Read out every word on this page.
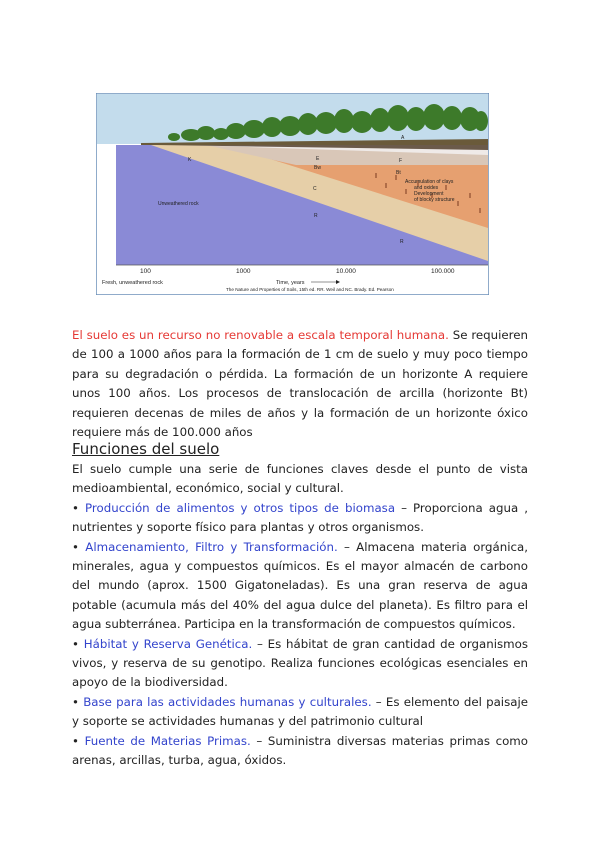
A
E	F
Bw
Bt
C
R
R
K
Unweathered rock
Accumulation of clays
and oxides
Development
of blocky structure
100	1000	10.000	100.000
Fresh, unweathered rock	Time, years
The Nature and Properties of Soils, 15th ed. RR. Weil and NC. Brady. Ed. Pearson
El suelo es un recurso no renovable a escala temporal humana. Se requieren de 100 a 1000 años para la formación de 1 cm de suelo y muy poco tiempo para su degradación o pérdida. La formación de un horizonte A requiere unos 100 años. Los procesos de translocación de arcilla (horizonte Bt) requieren decenas de miles de años y la formación de un horizonte óxico requiere más de 100.000 años
Funciones del suelo
El suelo cumple una serie de funciones claves desde el punto de vista medioambiental, económico, social y cultural.
• Producción de alimentos y otros tipos de biomasa – Proporciona agua , nutrientes y soporte físico para plantas y otros organismos.
• Almacenamiento, Filtro y Transformación. – Almacena materia orgánica, minerales, agua y compuestos químicos. Es el mayor almacén de carbono del mundo (aprox. 1500 Gigatoneladas). Es una gran reserva de agua potable (acumula más del 40% del agua dulce del planeta). Es filtro para el agua subterránea. Participa en la transformación de compuestos químicos.
• Hábitat y Reserva Genética. – Es hábitat de gran cantidad de organismos vivos, y reserva de su genotipo. Realiza funciones ecológicas esenciales en apoyo de la biodiversidad.
• Base para las actividades humanas y culturales. – Es elemento del paisaje y soporte se actividades humanas y del patrimonio cultural
• Fuente de Materias Primas. – Suministra diversas materias primas como arenas, arcillas, turba, agua, óxidos.
